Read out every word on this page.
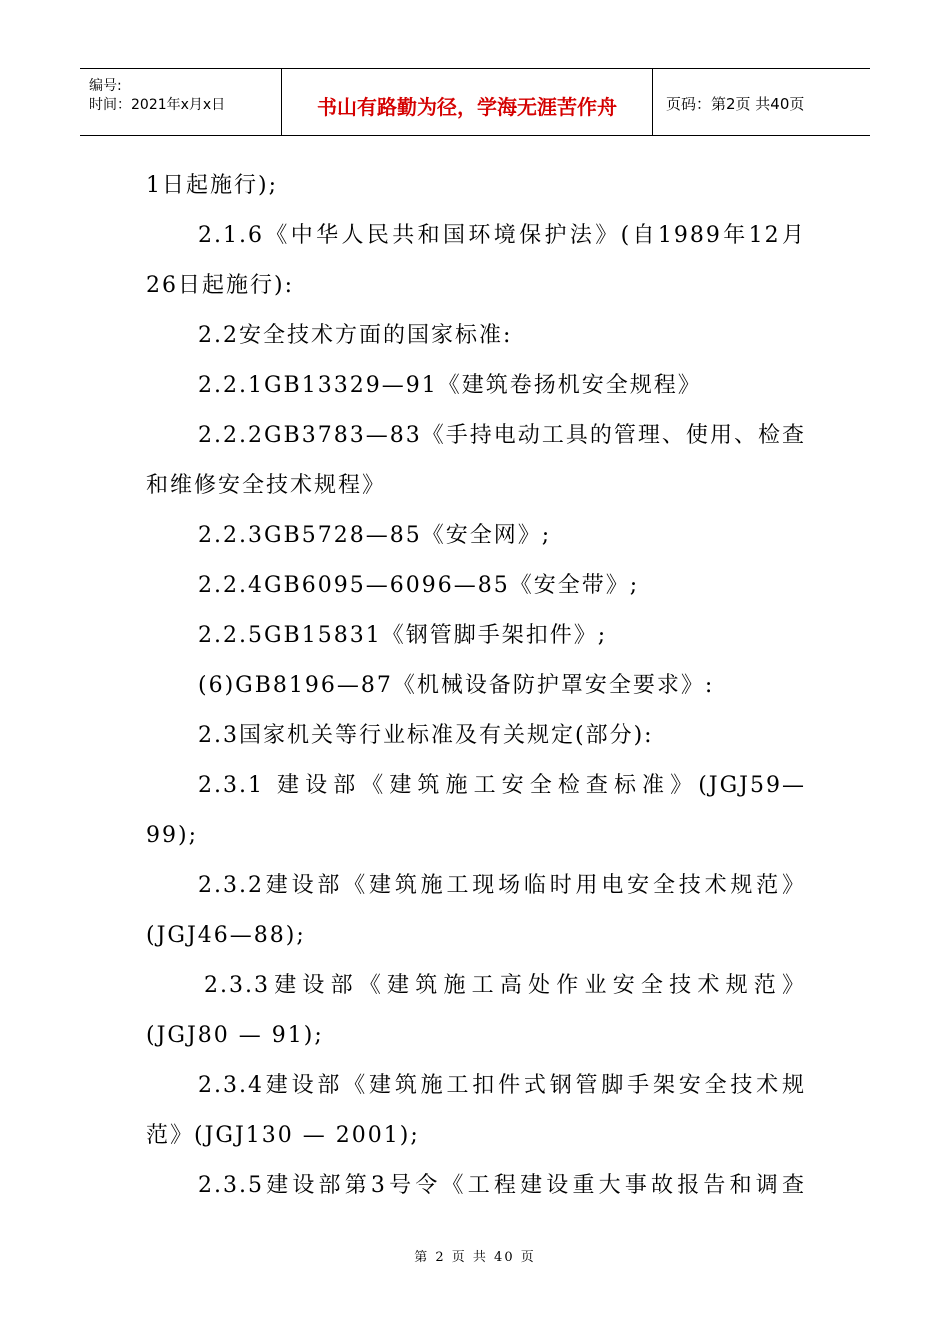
编号:
时间：2021年x月x日	书山有路勤为径，学海无涯苦作舟	页码：第2页 共40页
1日起施行);
2.1.6《中华人民共和国环境保护法》(自1989年12月
26日起施行):
2.2安全技术方面的国家标准:
2.2.1GB13329—91《建筑卷扬机安全规程》
2.2.2GB3783—83《手持电动工具的管理、使用、检查
和维修安全技术规程》
2.2.3GB5728—85《安全网》;
2.2.4GB6095—6096—85《安全带》;
2.2.5GB15831《钢管脚手架扣件》;
(6)GB8196—87《机械设备防护罩安全要求》:
2.3国家机关等行业标准及有关规定(部分):
2.3.1 建设部《建筑施工安全检查标准》(JGJ59—
99);
2.3.2建设部《建筑施工现场临时用电安全技术规范》
(JGJ46—88);
2.3.3建设部《建筑施工高处作业安全技术规范》
(JGJ80 — 91);
2.3.4建设部《建筑施工扣件式钢管脚手架安全技术规
范》(JGJ130 — 2001);
2.3.5建设部第3号令《工程建设重大事故报告和调查
第 2 页 共 40 页
